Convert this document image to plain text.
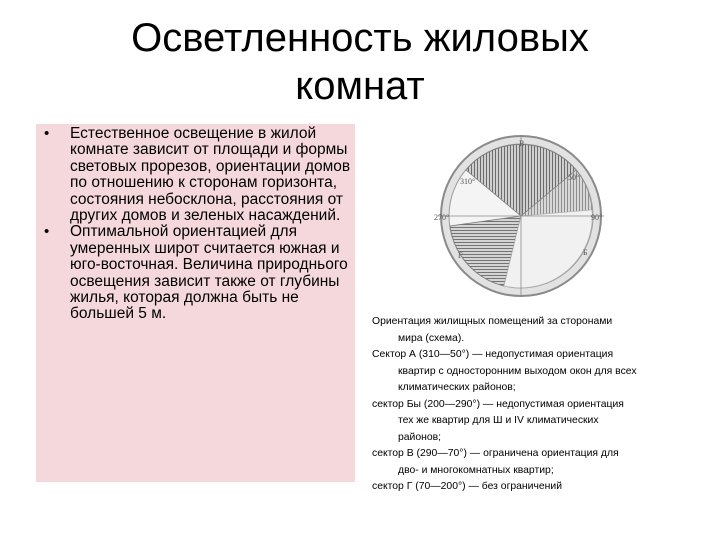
Осветленность жиловых
комнат
• Естественное освещение в жилой комнате зависит от площади и формы световых прорезов, ориентации домов по отношению к сторонам горизонта, состояния небосклона, расстояния от других домов и зеленых насаждений.
• Оптимальной ориентацией для умеренных широт считается южная и юго-восточная. Величина природнього освещения зависит также от глубины жилья, которая должна быть не большей 5 м.
В
50°
90°
310°
270°
Г	Б

Ориентация жилищных помещений за сторонами

мира (схема).

Сектор А (310—50°) — недопустимая ориентация

квартир с односторонним выходом окон для всех

климатических районов;

сектор Бы (200—290°) — недопустимая ориентация

тех же квартир для Ш и IV климатических

районов;

сектор В (290—70°) — ограничена ориентация для

дво- и многокомнатных квартир;

сектор Г (70—200°) — без ограничений
